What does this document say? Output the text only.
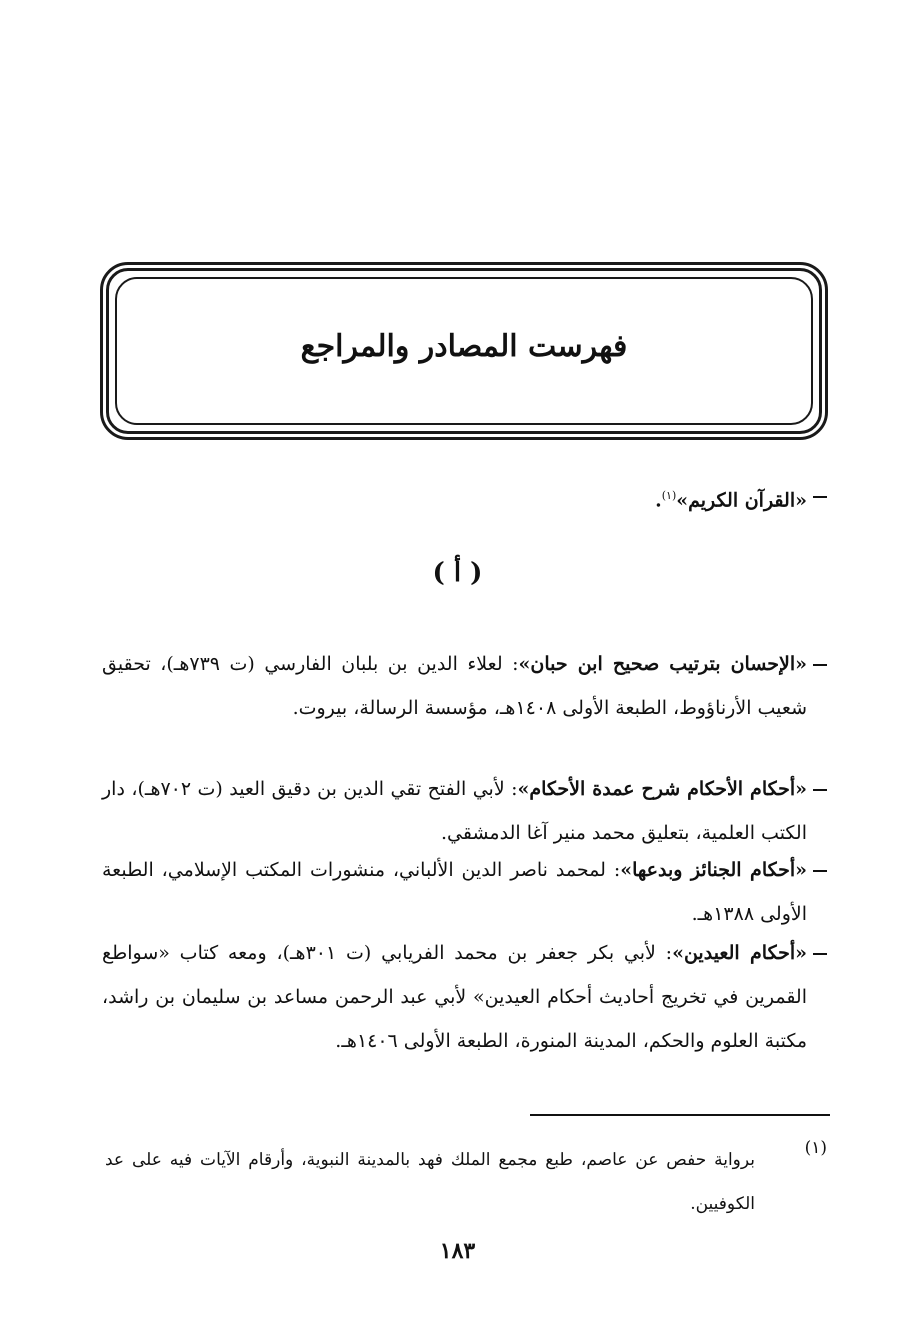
فهرست المصادر والمراجع
«القرآن الكريم»$^{(١)}$.
( أ )
«الإحسان بترتيب صحيح ابن حبان»: لعلاء الدين بن بلبان الفارسي (ت ٧٣٩هـ)، تحقيق شعيب الأرناؤوط، الطبعة الأولى ١٤٠٨هـ، مؤسسة الرسالة، بيروت.
«أحكام الأحكام شرح عمدة الأحكام»: لأبي الفتح تقي الدين بن دقيق العيد (ت ٧٠٢هـ)، دار الكتب العلمية، بتعليق محمد منير آغا الدمشقي.
«أحكام الجنائز وبدعها»: لمحمد ناصر الدين الألباني، منشورات المكتب الإسلامي، الطبعة الأولى ١٣٨٨هـ.
«أحكام العيدين»: لأبي بكر جعفر بن محمد الفريابي (ت ٣٠١هـ)، ومعه كتاب «سواطع القمرين في تخريج أحاديث أحكام العيدين» لأبي عبد الرحمن مساعد بن سليمان بن راشد، مكتبة العلوم والحكم، المدينة المنورة، الطبعة الأولى ١٤٠٦هـ.
(١)
برواية حفص عن عاصم، طبع مجمع الملك فهد بالمدينة النبوية، وأرقام الآيات فيه على عد الكوفيين.
١٨٣
